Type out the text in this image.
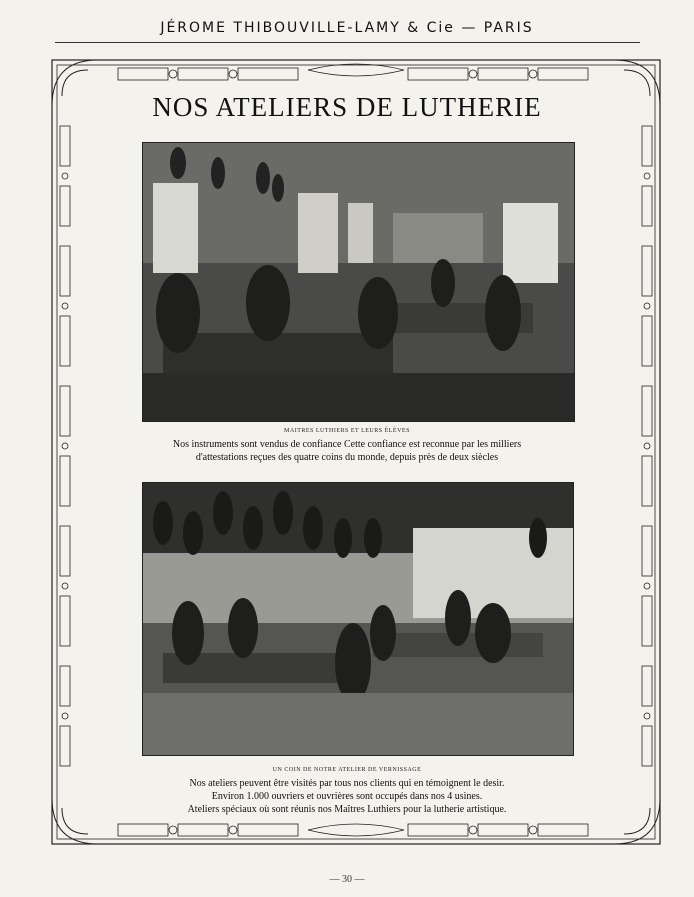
JÉROME THIBOUVILLE-LAMY & Cie — PARIS
NOS ATELIERS DE LUTHERIE
MAITRES LUTHIERS ET LEURS ÉLÈVES
Nos instruments sont vendus de confiance Cette confiance est reconnue par les milliers
d'attestations reçues des quatre coins du monde, depuis près de deux siècles
UN COIN DE NOTRE ATELIER DE VERNISSAGE
Nos ateliers peuvent être visités par tous nos clients qui en témoignent le desir.
Environ 1.000 ouvriers et ouvrières sont occupés dans nos 4 usines.
Ateliers spéciaux où sont réunis nos Maîtres Luthiers pour la lutherie artistique.
— 30 —
